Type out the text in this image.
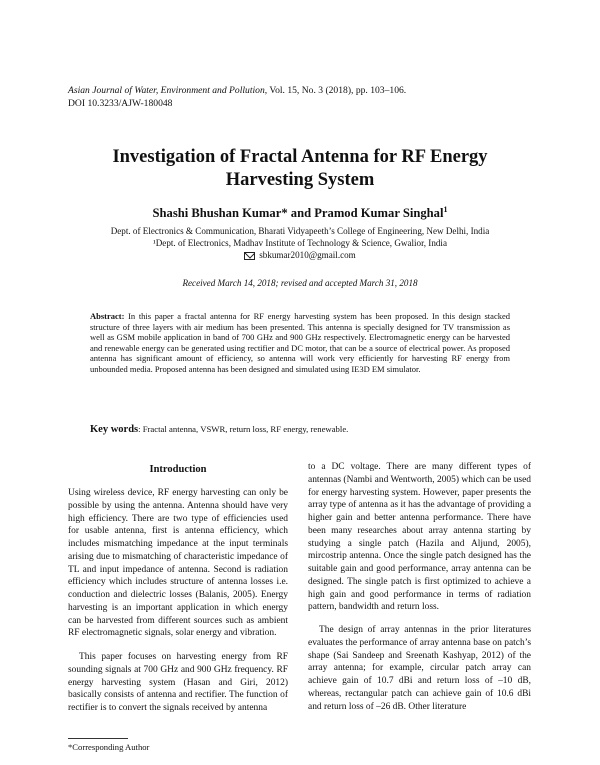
Asian Journal of Water, Environment and Pollution, Vol. 15, No. 3 (2018), pp. 103–106.
DOI 10.3233/AJW-180048
Investigation of Fractal Antenna for RF Energy
Harvesting System
Shashi Bhushan Kumar* and Pramod Kumar Singhal$^1$
Dept. of Electronics & Communication, Bharati Vidyapeeth’s College of Engineering, New Delhi, India
¹Dept. of Electronics, Madhav Institute of Technology & Science, Gwalior, India
sbkumar2010@gmail.com
Received March 14, 2018; revised and accepted March 31, 2018
Abstract: In this paper a fractal antenna for RF energy harvesting system has been proposed. In this design stacked structure of three layers with air medium has been presented. This antenna is specially designed for TV transmission as well as GSM mobile application in band of 700 GHz and 900 GHz respectively. Electromagnetic energy can be harvested and renewable energy can be generated using rectifier and DC motor, that can be a source of electrical power. As proposed antenna has significant amount of efficiency, so antenna will work very efficiently for harvesting RF energy from unbounded media. Proposed antenna has been designed and simulated using IE3D EM simulator.
Key words: Fractal antenna, VSWR, return loss, RF energy, renewable.
Introduction

Using wireless device, RF energy harvesting can only be possible by using the antenna. Antenna should have very high efficiency. There are two type of efficiencies used for usable antenna, first is antenna efficiency, which includes mismatching impedance at the input terminals arising due to mismatching of characteristic impedance of TL and input impedance of antenna. Second is radiation efficiency which includes structure of antenna losses i.e. conduction and dielectric losses (Balanis, 2005). Energy harvesting is an important application in which energy can be harvested from different sources such as ambient RF electromagnetic signals, solar energy and vibration.

This paper focuses on harvesting energy from RF sounding signals at 700 GHz and 900 GHz frequency. RF energy harvesting system (Hasan and Giri, 2012) basically consists of antenna and rectifier. The function of rectifier is to convert the signals received by antenna

to a DC voltage. There are many different types of antennas (Nambi and Wentworth, 2005) which can be used for energy harvesting system. However, paper presents the array type of antenna as it has the advantage of providing a higher gain and better antenna performance. There have been many researches about array antenna starting by studying a single patch (Hazila and Aljund, 2005), mircostrip antenna. Once the single patch designed has the suitable gain and good performance, array antenna can be designed. The single patch is first optimized to achieve a high gain and good performance in terms of radiation pattern, bandwidth and return loss.

The design of array antennas in the prior literatures evaluates the performance of array antenna base on patch’s shape (Sai Sandeep and Sreenath Kashyap, 2012) of the array antenna; for example, circular patch array can achieve gain of 10.7 dBi and return loss of –10 dB, whereas, rectangular patch can achieve gain of 10.6 dBi and return loss of –26 dB. Other literature

*Corresponding Author
